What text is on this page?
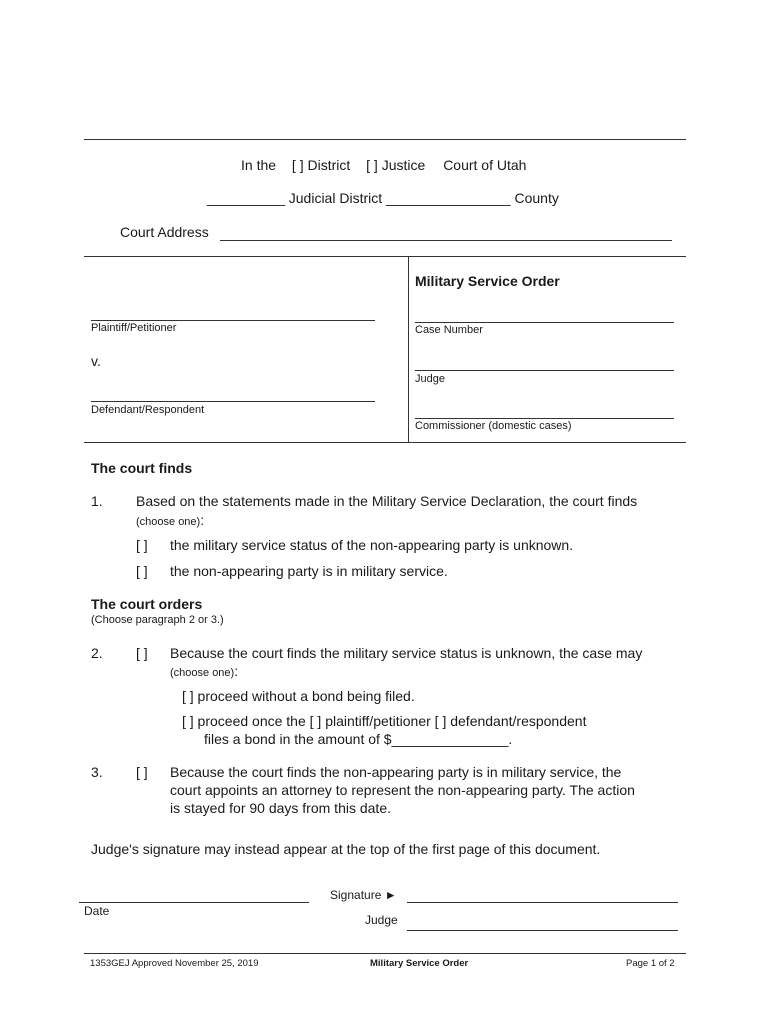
In the [ ] District [ ] Justice Court of Utah
__________ Judicial District ________________ County
Court Address
Plaintiff/Petitioner
v.
Defendant/Respondent
Military Service Order
Case Number
Judge
Commissioner (domestic cases)
The court finds
1. Based on the statements made in the Military Service Declaration, the court finds
(choose one):
[ ] the military service status of the non-appearing party is unknown.
[ ] the non-appearing party is in military service.
The court orders
(Choose paragraph 2 or 3.)
2. [ ] Because the court finds the military service status is unknown, the case may
(choose one):
[ ] proceed without a bond being filed.
[ ] proceed once the [ ] plaintiff/petitioner [ ] defendant/respondent
files a bond in the amount of $_______________.
3. [ ] Because the court finds the non-appearing party is in military service, the
court appoints an attorney to represent the non-appearing party. The action
is stayed for 90 days from this date.
Judge's signature may instead appear at the top of the first page of this document.
Date
Signature ►
Judge
1353GEJ Approved November 25, 2019	Military Service Order	Page 1 of 2
